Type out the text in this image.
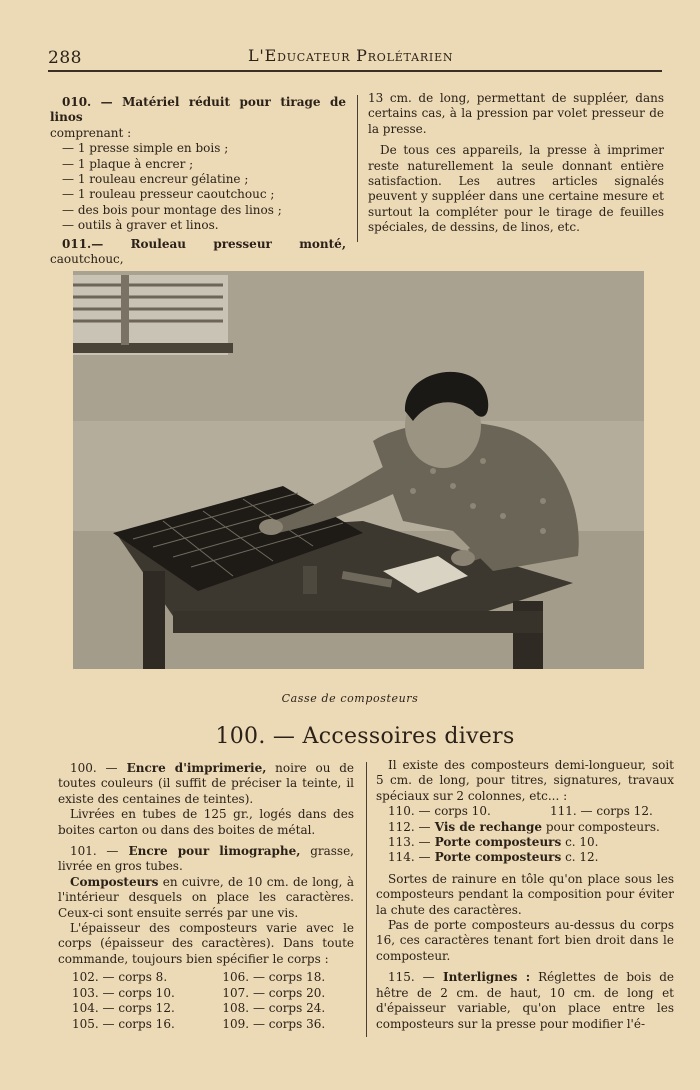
288	L'Educateur Prolétarien

010. — Matériel réduit pour tirage de linos

comprenant :

— 1 presse simple en bois ;

— 1 plaque à encrer ;

— 1 rouleau encreur gélatine ;

— 1 rouleau presseur caoutchouc ;

— des bois pour montage des linos ;

— outils à graver et linos.

011.— Rouleau presseur monté, caoutchouc,

13 cm. de long, permettant de suppléer, dans certains cas, à la pression par volet presseur de la presse.

De tous ces appareils, la presse à imprimer reste naturellement la seule donnant entière satisfaction. Les autres articles signalés peuvent y suppléer dans une certaine mesure et surtout la compléter pour le tirage de feuilles spéciales, de dessins, de linos, etc.

Casse de composteurs
100. — Accessoires divers

100. — Encre d'imprimerie, noire ou de toutes couleurs (il suffit de préciser la teinte, il existe des centaines de teintes).

Livrées en tubes de 125 gr., logés dans des boites carton ou dans des boites de métal.

101. — Encre pour limographe, grasse, livrée en gros tubes.

Composteurs en cuivre, de 10 cm. de long, à l'intérieur desquels on place les caractères. Ceux-ci sont ensuite serrés par une vis.

L'épaisseur des composteurs varie avec le corps (épaisseur des caractères). Dans toute commande, toujours bien spécifier le corps :

102. — corps 8.	106. — corps 18.
103. — corps 10.	107. — corps 20.
104. — corps 12.	108. — corps 24.
105. — corps 16.	109. — corps 36.

Il existe des composteurs demi-longueur, soit 5 cm. de long, pour titres, signatures, travaux spéciaux sur 2 colonnes, etc... :

110. — corps 10.	111. — corps 12.

112. — Vis de rechange pour composteurs.

113. — Porte composteurs c. 10.

114. — Porte composteurs c. 12.

Sortes de rainure en tôle qu'on place sous les composteurs pendant la composition pour éviter la chute des caractères.

Pas de porte composteurs au-dessus du corps 16, ces caractères tenant fort bien droit dans le composteur.

115. — Interlignes : Réglettes de bois de hêtre de 2 cm. de haut, 10 cm. de long et d'épaisseur variable, qu'on place entre les composteurs sur la presse pour modifier l'é-
